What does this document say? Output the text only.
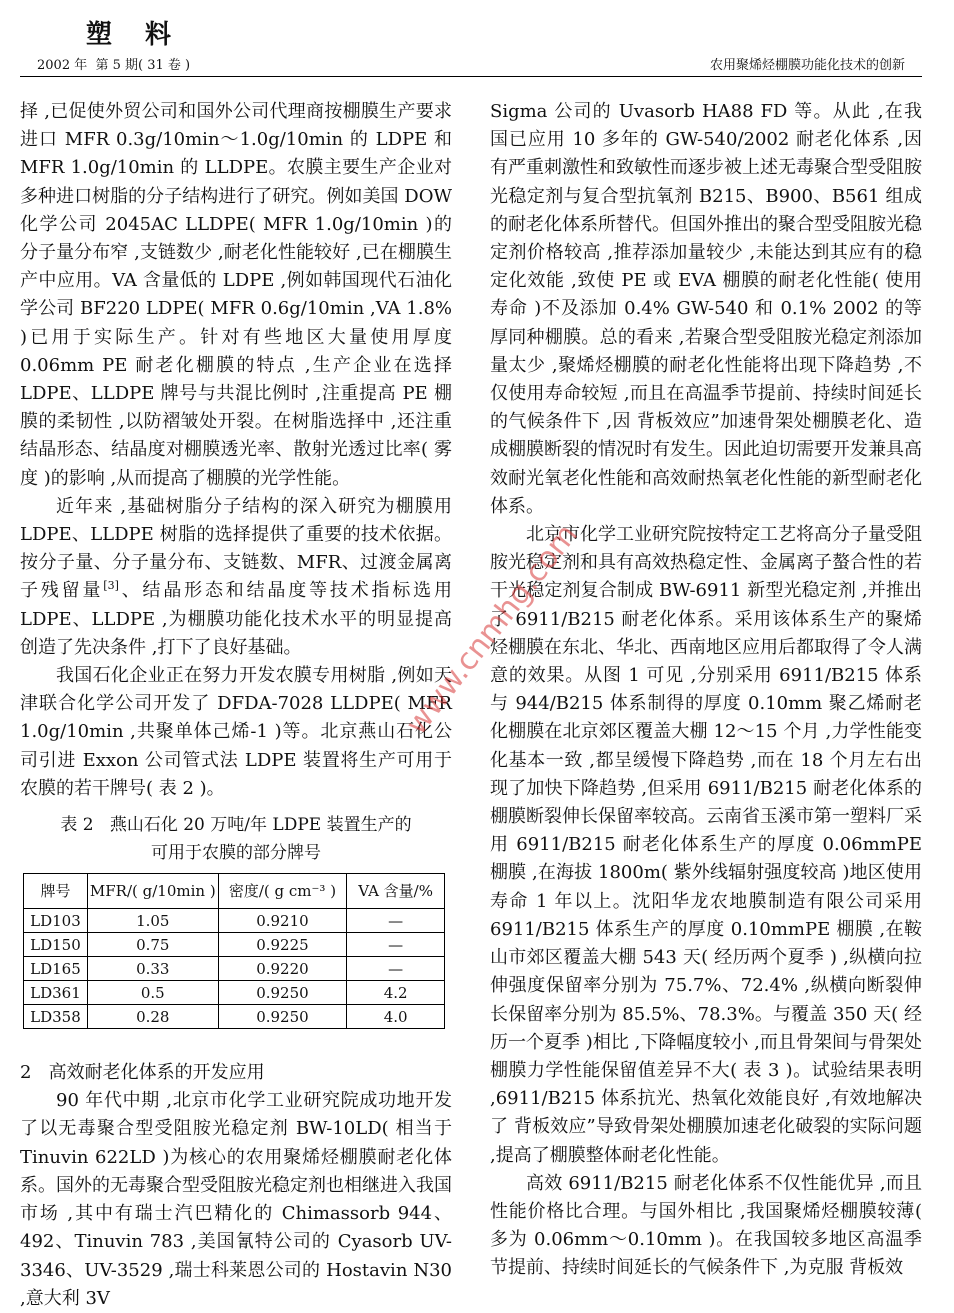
塑 料
2002 年  第 5 期( 31 卷 )	农用聚烯烃棚膜功能化技术的创新

择 ,已促使外贸公司和国外公司代理商按棚膜生产要求 进口 MFR 0.3g/10min～1.0g/10min 的 LDPE 和 MFR 1.0g/10min 的 LLDPE。农膜主要生产企业对多种进口树脂的分子结构进行了研究。例如美国 DOW 化学公司 2045AC LLDPE( MFR 1.0g/10min )的分子量分布窄 ,支链数少 ,耐老化性能较好 ,已在棚膜生产中应用。VA 含量低的 LDPE ,例如韩国现代石油化学公司 BF220 LDPE( MFR 0.6g/10min ,VA 1.8% )已用于实际生产。针对有些地区大量使用厚度 0.06mm PE 耐老化棚膜的特点 ,生产企业在选择 LDPE、LLDPE 牌号与共混比例时 ,注重提高 PE 棚膜的柔韧性 ,以防褶皱处开裂。在树脂选择中 ,还注重结晶形态、结晶度对棚膜透光率、散射光透过比率( 雾度 )的影响 ,从而提高了棚膜的光学性能。

近年来 ,基础树脂分子结构的深入研究为棚膜用 LDPE、LLDPE 树脂的选择提供了重要的技术依据。按分子量、分子量分布、支链数、MFR、过渡金属离子残留量[3]、结晶形态和结晶度等技术指标选用 LDPE、LLDPE ,为棚膜功能化技术水平的明显提高创造了先决条件 ,打下了良好基础。

我国石化企业正在努力开发农膜专用树脂 ,例如天津联合化学公司开发了 DFDA-7028 LLDPE( MFR 1.0g/10min ,共聚单体己烯-1 )等。北京燕山石化公司引进 Exxon 公司管式法 LDPE 装置将生产可用于农膜的若干牌号( 表 2 )。

表 2   燕山石化 20 万吨/年 LDPE 装置生产的
可用于农膜的部分牌号
牌号	MFR/( g/10min )	密度/( g cm⁻³ )	VA 含量/%
LD103	1.05	0.9210	—
LD150	0.75	0.9225	—
LD165	0.33	0.9220	—
LD361	0.5	0.9250	4.2
LD358	0.28	0.9250	4.0
2   高效耐老化体系的开发应用

90 年代中期 ,北京市化学工业研究院成功地开发了以无毒聚合型受阻胺光稳定剂 BW-10LD( 相当于 Tinuvin 622LD )为核心的农用聚烯烃棚膜耐老化体系。国外的无毒聚合型受阻胺光稳定剂也相继进入我国市场 ,其中有瑞士汽巴精化的 Chimassorb 944、492、Tinuvin 783 ,美国氰特公司的 Cyasorb UV-3346、UV-3529 ,瑞士科莱恩公司的 Hostavin N30 ,意大利 3V

Sigma 公司的 Uvasorb HA88 FD 等。从此 ,在我国已应用 10 多年的 GW-540/2002 耐老化体系 ,因有严重刺激性和致敏性而逐步被上述无毒聚合型受阻胺光稳定剂与复合型抗氧剂 B215、B900、B561 组成的耐老化体系所替代。但国外推出的聚合型受阻胺光稳定剂价格较高 ,推荐添加量较少 ,未能达到其应有的稳定化效能 ,致使 PE 或 EVA 棚膜的耐老化性能( 使用寿命 )不及添加 0.4% GW-540 和 0.1% 2002 的等厚同种棚膜。总的看来 ,若聚合型受阻胺光稳定剂添加量太少 ,聚烯烃棚膜的耐老化性能将出现下降趋势 ,不仅使用寿命较短 ,而且在高温季节提前、持续时间延长的气候条件下 ,因 背板效应”加速骨架处棚膜老化、造成棚膜断裂的情况时有发生。因此迫切需要开发兼具高效耐光氧老化性能和高效耐热氧老化性能的新型耐老化体系。

北京市化学工业研究院按特定工艺将高分子量受阻胺光稳定剂和具有高效热稳定性、金属离子螯合性的若干光稳定剂复合制成 BW-6911 新型光稳定剂 ,并推出了 6911/B215 耐老化体系。采用该体系生产的聚烯烃棚膜在东北、华北、西南地区应用后都取得了令人满意的效果。从图 1 可见 ,分别采用 6911/B215 体系与 944/B215 体系制得的厚度 0.10mm 聚乙烯耐老化棚膜在北京郊区覆盖大棚 12～15 个月 ,力学性能变化基本一致 ,都呈缓慢下降趋势 ,而在 18 个月左右出现了加快下降趋势 ,但采用 6911/B215 耐老化体系的棚膜断裂伸长保留率较高。云南省玉溪市第一塑料厂采用 6911/B215 耐老化体系生产的厚度 0.06mmPE 棚膜 ,在海拔 1800m( 紫外线辐射强度较高 )地区使用寿命 1 年以上。沈阳华龙农地膜制造有限公司采用 6911/B215 体系生产的厚度 0.10mmPE 棚膜 ,在鞍山市郊区覆盖大棚 543 天( 经历两个夏季 ) ,纵横向拉伸强度保留率分别为 75.7%、72.4% ,纵横向断裂伸长保留率分别为 85.5%、78.3%。与覆盖 350 天( 经历一个夏季 )相比 ,下降幅度较小 ,而且骨架间与骨架处棚膜力学性能保留值差异不大( 表 3 )。试验结果表明 ,6911/B215 体系抗光、热氧化效能良好 ,有效地解决了 背板效应”导致骨架处棚膜加速老化破裂的实际问题 ,提高了棚膜整体耐老化性能。

高效 6911/B215 耐老化体系不仅性能优异 ,而且性能价格比合理。与国外相比 ,我国聚烯烃棚膜较薄( 多为 0.06mm～0.10mm )。在我国较多地区高温季节提前、持续时间延长的气候条件下 ,为克服 背板效

www.cnmhg.com
